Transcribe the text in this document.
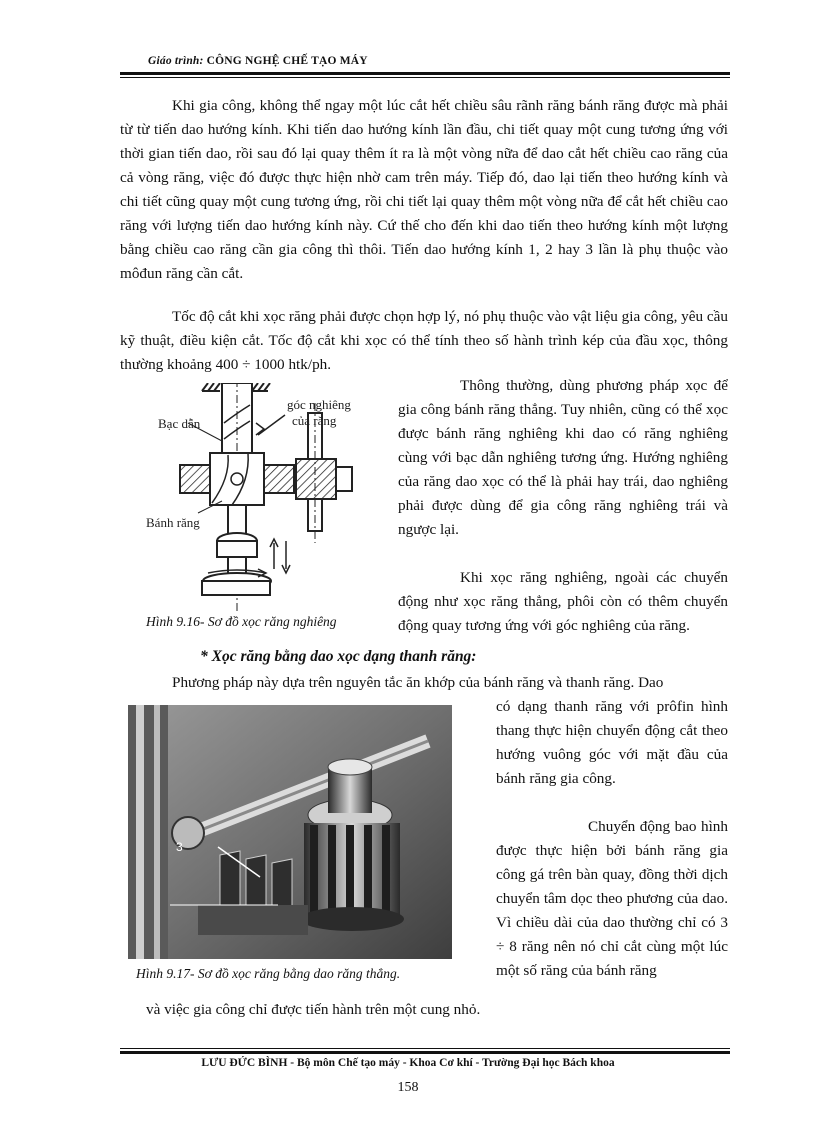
Giáo trình: CÔNG NGHỆ CHẾ TẠO MÁY
Khi gia công, không thể ngay một lúc cắt hết chiều sâu rãnh răng bánh răng được mà phải từ từ tiến dao hướng kính. Khi tiến dao hướng kính lần đầu, chi tiết quay một cung tương ứng với thời gian tiến dao, rồi sau đó lại quay thêm ít ra là một vòng nữa để dao cắt hết chiều cao răng của cả vòng răng, việc đó được thực hiện nhờ cam trên máy. Tiếp đó, dao lại tiến theo hướng kính và chi tiết cũng quay một cung tương ứng, rồi chi tiết lại quay thêm một vòng nữa để cắt hết chiều cao răng với lượng tiến dao hướng kính này. Cứ thế cho đến khi dao tiến theo hướng kính một lượng bằng chiều cao răng cần gia công thì thôi. Tiến dao hướng kính 1, 2 hay 3 lần là phụ thuộc vào môđun răng cần cắt.
Tốc độ cắt khi xọc răng phải được chọn hợp lý, nó phụ thuộc vào vật liệu gia công, yêu cầu kỹ thuật, điều kiện cắt. Tốc độ cắt khi xọc có thể tính theo số hành trình kép của đầu xọc, thông thường khoảng 400 ÷ 1000 htk/ph.
góc nghiêng
của răng
Bạc dẫn
Bánh răng
Hình 9.16- Sơ đồ xọc răng nghiêng
Thông thường, dùng phương pháp xọc để gia công bánh răng thẳng. Tuy nhiên, cũng có thể xọc được bánh răng nghiêng khi dao có răng nghiêng cùng với bạc dẫn nghiêng tương ứng. Hướng nghiêng của răng dao xọc có thể là phải hay trái, dao nghiêng phải được dùng để gia công răng nghiêng trái và ngược lại.
Khi xọc răng nghiêng, ngoài các chuyển động như xọc răng thẳng, phôi còn có thêm chuyển động quay tương ứng với góc nghiêng của răng.
* Xọc răng bằng dao xọc dạng thanh răng:
Phương pháp này dựa trên nguyên tắc ăn khớp của bánh răng và thanh răng. Dao
3
Hình 9.17- Sơ đồ xọc răng bằng dao răng thẳng.
có dạng thanh răng với prôfin hình thang thực hiện chuyển động cắt theo hướng vuông góc với mặt đầu của bánh răng gia công.
Chuyển động bao hình được thực hiện bởi bánh răng gia công gá trên bàn quay, đồng thời dịch chuyển tâm dọc theo phương của dao. Vì chiều dài của dao thường chỉ có 3 ÷ 8 răng nên nó chỉ cắt cùng một lúc một số răng của bánh răng
và việc gia công chỉ được tiến hành trên một cung nhỏ.
LƯU ĐỨC BÌNH - Bộ môn Chế tạo máy - Khoa Cơ khí - Trường Đại học Bách khoa
158
